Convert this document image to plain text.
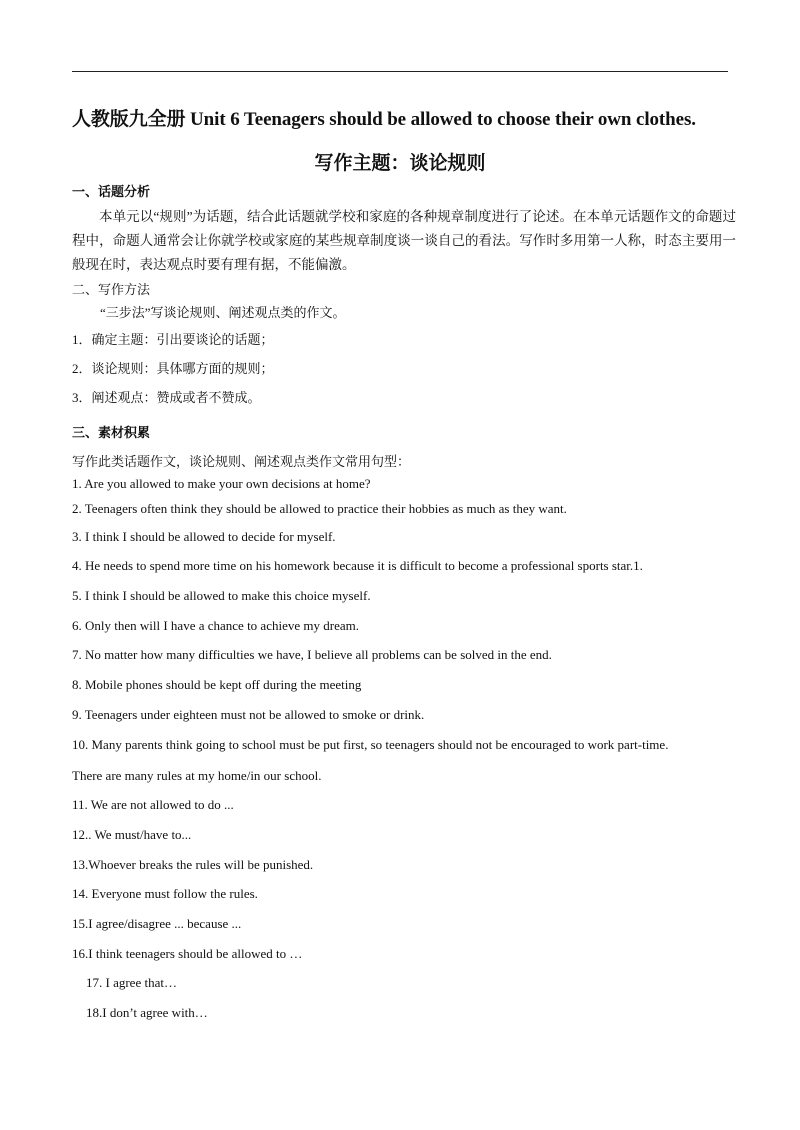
人教版九全册 Unit 6 Teenagers should be allowed to choose their own clothes.
写作主题：谈论规则
一、话题分析
本单元以“规则”为话题，结合此话题就学校和家庭的各种规章制度进行了论述。在本单元话题作文的命题过程中，命题人通常会让你就学校或家庭的某些规章制度谈一谈自己的看法。写作时多用第一人称，时态主要用一般现在时，表达观点时要有理有据，不能偏激。
二、写作方法
“三步法”写谈论规则、阐述观点类的作文。
1．确定主题：引出要谈论的话题；
2．谈论规则：具体哪方面的规则；
3．阐述观点：赞成或者不赞成。
三、素材积累
写作此类话题作文，谈论规则、阐述观点类作文常用句型：
1. Are you allowed to make your own decisions at home?
2. Teenagers often think they should be allowed to practice their hobbies as much as they want.
3. I think I should be allowed to decide for myself.
4. He needs to spend more time on his homework because it is difficult to become a professional sports star.1.
5. I think I should be allowed to make this choice myself.
6. Only then will I have a chance to achieve my dream.
7. No matter how many difficulties we have, I believe all problems can be solved in the end.
8. Mobile phones should be kept off during the meeting
9. Teenagers under eighteen must not be allowed to smoke or drink.
10. Many parents think going to school must be put first, so teenagers should not be encouraged to work part-time.
There are many rules at my home/in our school.
11. We are not allowed to do ...
12.. We must/have to...
13.Whoever breaks the rules will be punished.
14. Everyone must follow the rules.
15.I agree/disagree ... because ...
16.I think teenagers should be allowed to …
17. I agree that…
18.I don’t agree with…
